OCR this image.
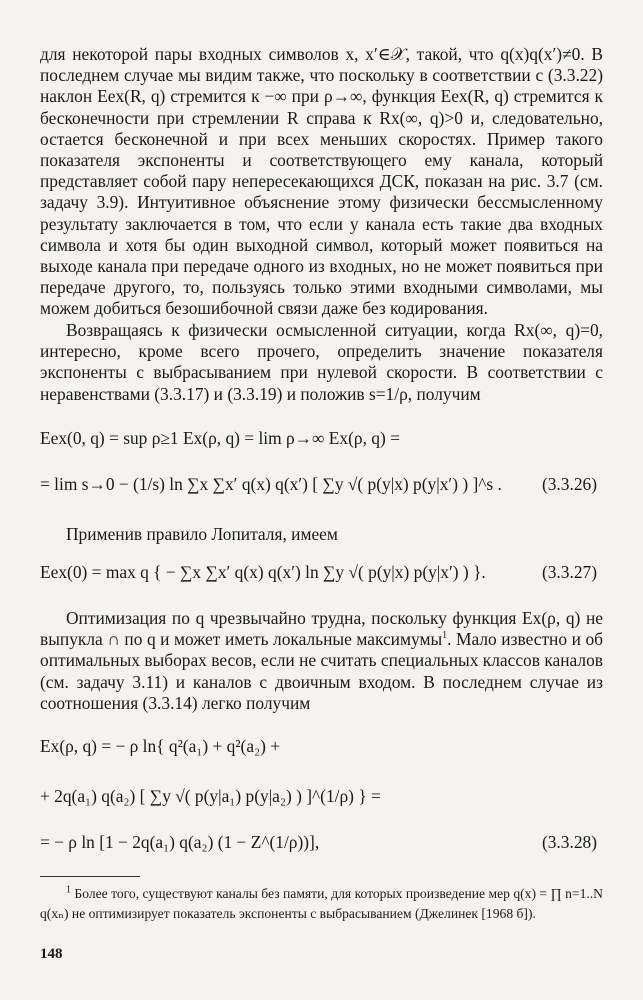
для некоторой пары входных символов x, x′∈𝒳, такой, что q(x)q(x′)≠0. В последнем случае мы видим также, что поскольку в соответствии с (3.3.22) наклон Eex(R, q) стремится к −∞ при ρ→∞, функция Eex(R, q) стремится к бесконечности при стремлении R справа к Rx(∞, q)>0 и, следовательно, остается бесконечной и при всех меньших скоростях. Пример такого показателя экспоненты и соответствующего ему канала, который представляет собой пару непересекающихся ДСК, показан на рис. 3.7 (см. задачу 3.9). Интуитивное объяснение этому физически бессмысленному результату заключается в том, что если у канала есть такие два входных символа и хотя бы один выходной символ, который может появиться на выходе канала при передаче одного из входных, но не может появиться при передаче другого, то, пользуясь только этими входными символами, мы можем добиться безошибочной связи даже без кодирования.

Возвращаясь к физически осмысленной ситуации, когда Rx(∞, q)=0, интересно, кроме всего прочего, определить значение показателя экспоненты с выбрасыванием при нулевой скорости. В соответствии с неравенствами (3.3.17) и (3.3.19) и положив s=1/ρ, получим

Eex(0, q) = sup ρ≥1 Ex(ρ, q) = lim ρ→∞ Ex(ρ, q) =
= lim s→0 − (1/s) ln ∑x ∑x′ q(x) q(x′) [ ∑y √( p(y|x) p(y|x′) ) ]^s . (3.3.26)

Применив правило Лопиталя, имеем

Eex(0) = max q { − ∑x ∑x′ q(x) q(x′) ln ∑y √( p(y|x) p(y|x′) ) }.	(3.3.27)

Оптимизация по q чрезвычайно трудна, поскольку функция Ex(ρ, q) не выпукла ∩ по q и может иметь локальные максимумы$^1$. Мало известно и об оптимальных выборах весов, если не считать специальных классов каналов (см. задачу 3.11) и каналов с двоичным входом. В последнем случае из соотношения (3.3.14) легко получим

Ex(ρ, q) = − ρ ln{ q²(a₁) + q²(a₂) +
+ 2q(a₁) q(a₂) [ ∑y √( p(y|a₁) p(y|a₂) ) ]^(1/ρ) } =
= − ρ ln [1 − 2q(a₁) q(a₂) (1 − Z^(1/ρ))],	(3.3.28)

$^1$ Более того, существуют каналы без памяти, для которых произведение мер q(x) = ∏ n=1..N q(xₙ) не оптимизирует показатель экспоненты с выбрасыванием (Джелинек [1968 б]).

148
